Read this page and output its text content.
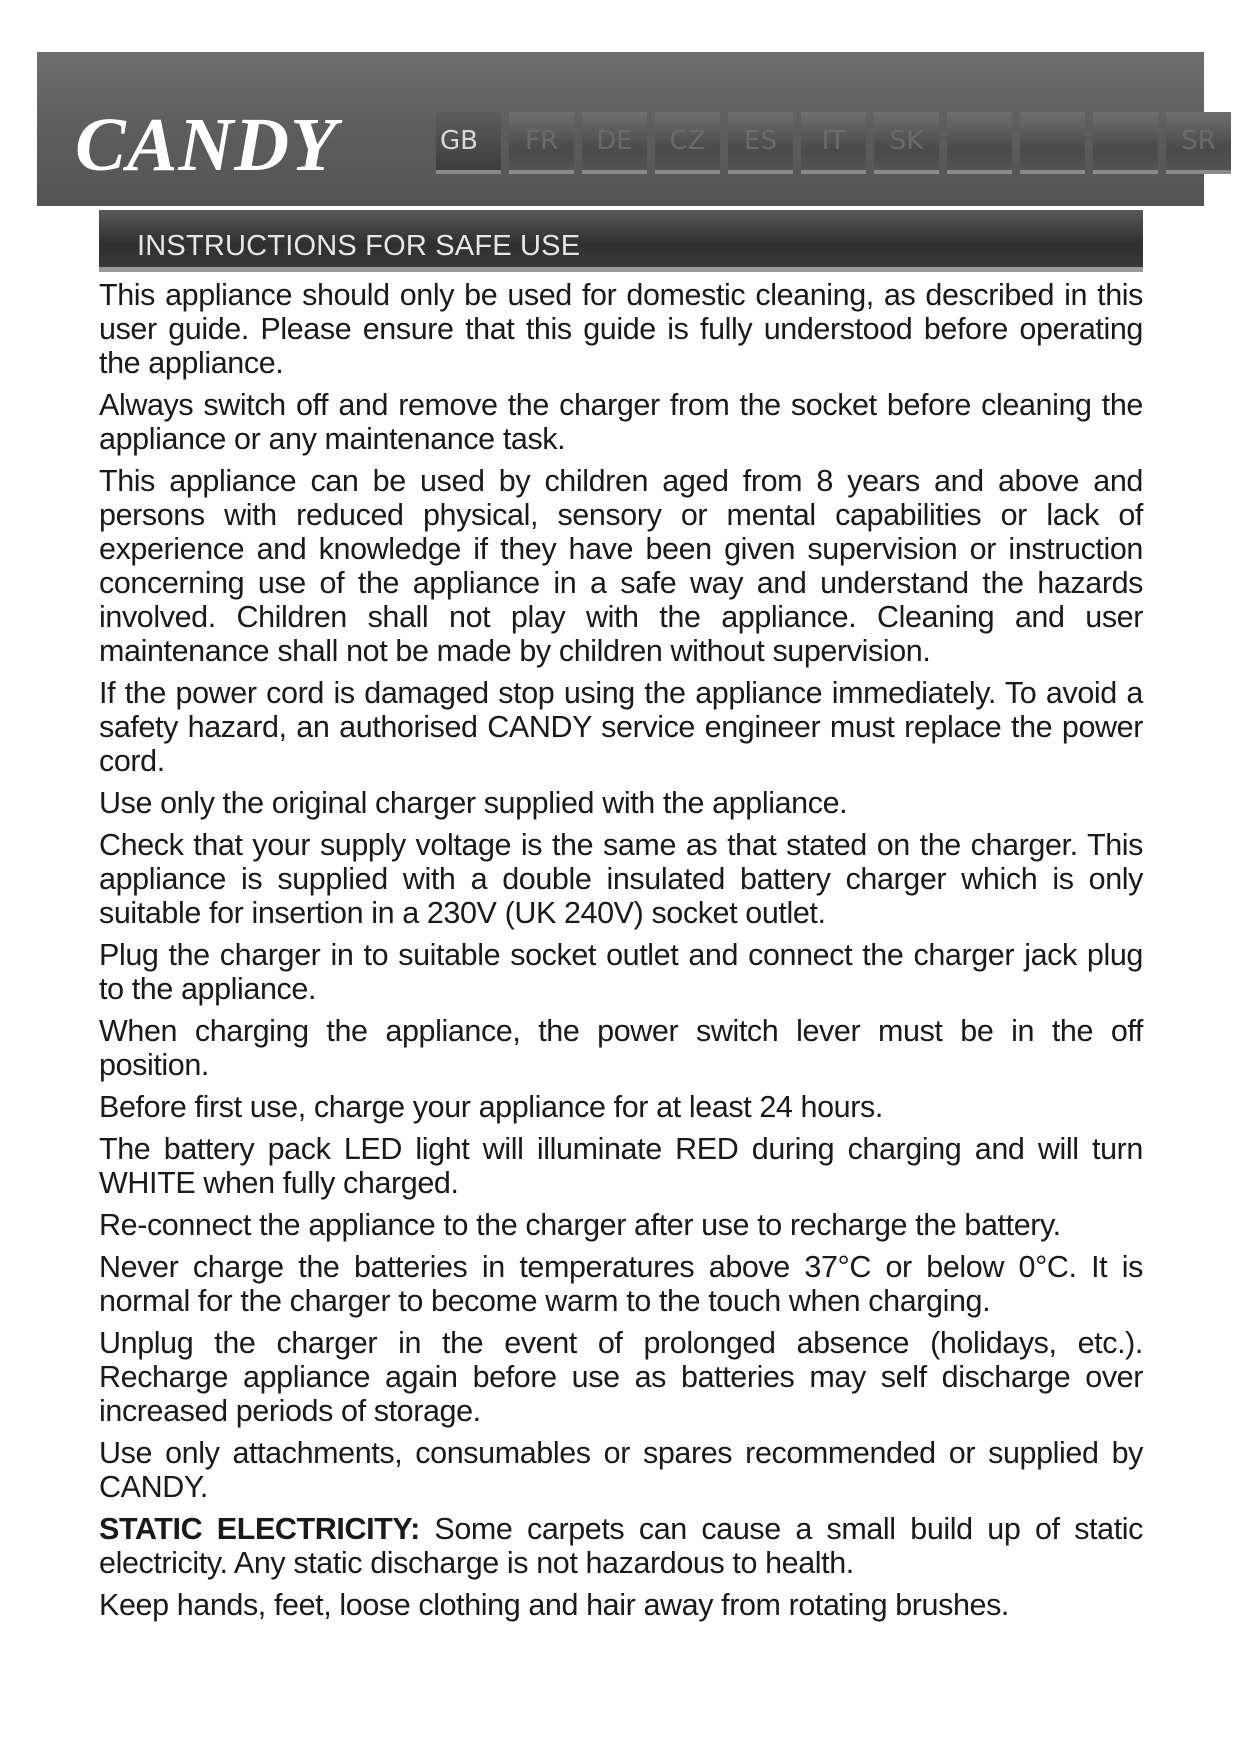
CANDY	GB	FR	DE	CZ	ES	IT	SK	SR
INSTRUCTIONS FOR SAFE USE

This appliance should only be used for domestic cleaning, as described in this user guide. Please ensure that this guide is fully understood before operating the appliance.

Always switch off and remove the charger from the socket before cleaning the appliance or any maintenance task.

This appliance can be used by children aged from 8 years and above and persons with reduced physical, sensory or mental capabilities or lack of experience and knowledge if they have been given supervision or instruction concerning use of the appliance in a safe way and understand the hazards involved. Children shall not play with the appliance. Cleaning and user maintenance shall not be made by children without supervision.

If the power cord is damaged stop using the appliance immediately. To avoid a safety hazard, an authorised CANDY service engineer must replace the power cord.

Use only the original charger supplied with the appliance.

Check that your supply voltage is the same as that stated on the charger. This appliance is supplied with a double insulated battery charger which is only suitable for insertion in a 230V (UK 240V) socket outlet.

Plug the charger in to suitable socket outlet and connect the charger jack plug to the appliance.

When charging the appliance, the power switch lever must be in the off position.

Before first use, charge your appliance for at least 24 hours.

The battery pack LED light will illuminate RED during charging and will turn WHITE when fully charged.

Re-connect the appliance to the charger after use to recharge the battery.

Never charge the batteries in temperatures above 37°C or below 0°C. It is normal for the charger to become warm to the touch when charging.

Unplug the charger in the event of prolonged absence (holidays, etc.). Recharge appliance again before use as batteries may self discharge over increased periods of storage.

Use only attachments, consumables or spares recommended or supplied by CANDY.

STATIC ELECTRICITY: Some carpets can cause a small build up of static electricity. Any static discharge is not hazardous to health.

Keep hands, feet, loose clothing and hair away from rotating brushes.
